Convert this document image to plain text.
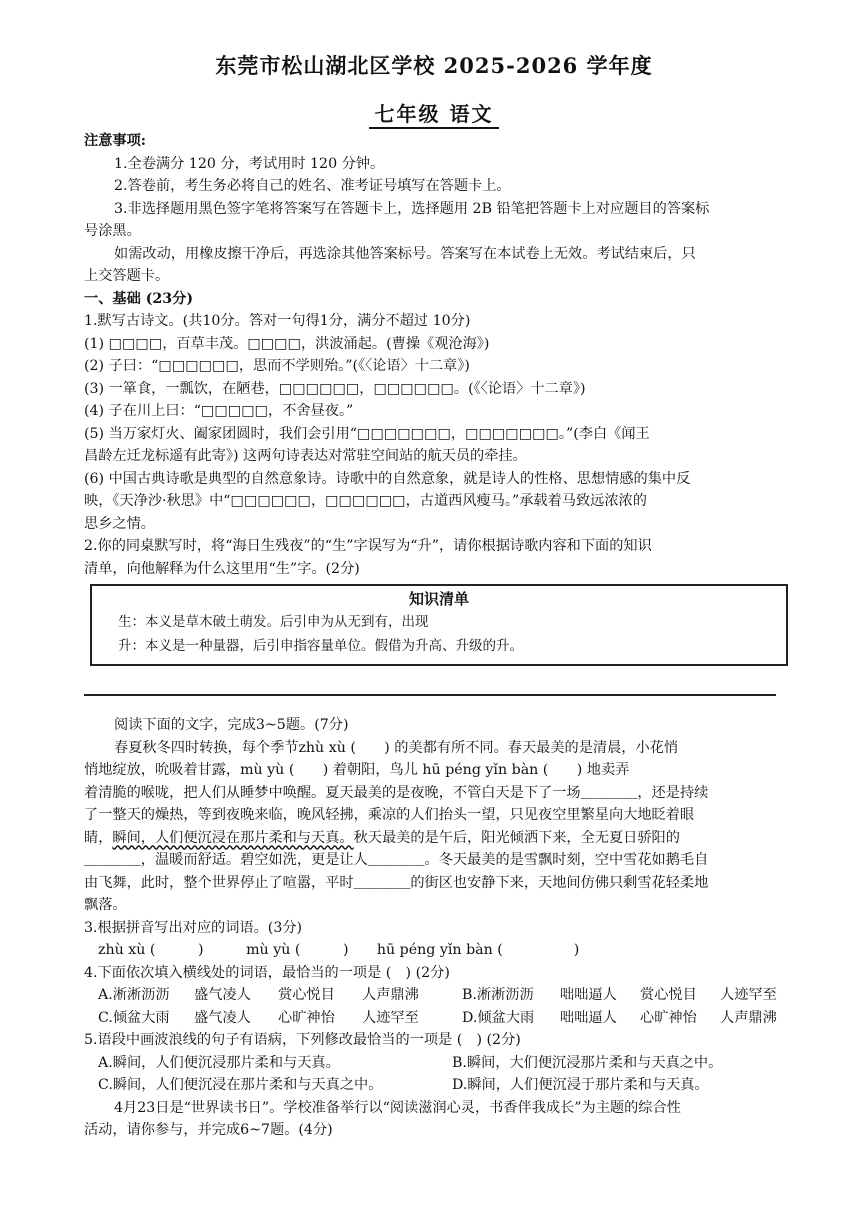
东莞市松山湖北区学校 2025-2026 学年度
七年级 语文

注意事项:

1.全卷满分 120 分，考试用时 120 分钟。

2.答卷前，考生务必将自己的姓名、准考证号填写在答题卡上。

3.非选择题用黑色签字笔将答案写在答题卡上，选择题用 2B 铅笔把答题卡上对应题目的答案标

号涂黑。

如需改动，用橡皮擦干净后，再选涂其他答案标号。答案写在本试卷上无效。考试结束后，只

上交答题卡。

一、基础 (23分)

1.默写古诗文。(共10分。答对一句得1分，满分不超过 10分)

(1) □□□□，百草丰茂。□□□□，洪波涌起。(曹操《观沧海》)

(2) 子曰：“□□□□□□，思而不学则殆。”(《〈论语〉十二章》)

(3) 一箪食，一瓢饮，在陋巷，□□□□□□，□□□□□□。(《〈论语〉十二章》)

(4) 子在川上曰：“□□□□□，不舍昼夜。”

(5) 当万家灯火、阖家团圆时，我们会引用“□□□□□□□，□□□□□□□。”(李白《闻王

昌龄左迁龙标遥有此寄》) 这两句诗表达对常驻空间站的航天员的牵挂。

(6) 中国古典诗歌是典型的自然意象诗。诗歌中的自然意象，就是诗人的性格、思想情感的集中反

映，《天净沙·秋思》中“□□□□□□，□□□□□□，古道西风瘦马。”承载着马致远浓浓的

思乡之情。

2.你的同桌默写时，将“海日生残夜”的“生”字误写为“升”，请你根据诗歌内容和下面的知识

清单，向他解释为什么这里用“生”字。(2分)

知识清单
生：本义是草木破土萌发。后引申为从无到有，出现
升：本义是一种量器，后引申指容量单位。假借为升高、升级的升。

阅读下面的文字，完成3~5题。(7分)

春夏秋冬四时转换，每个季节zhù xù (　　) 的美都有所不同。春天最美的是清晨，小花悄

悄地绽放，吮吸着甘露，mù yù (　　) 着朝阳，鸟儿 hū péng yǐn bàn (　　) 地卖弄

着清脆的喉咙，把人们从睡梦中唤醒。夏天最美的是夜晚，不管白天是下了一场＿＿＿＿，还是持续

了一整天的燥热，等到夜晚来临，晚风轻拂，乘凉的人们抬头一望，只见夜空里繁星向大地眨着眼

睛，瞬间，人们便沉浸在那片柔和与天真。秋天最美的是午后，阳光倾洒下来，全无夏日骄阳的

＿＿＿＿，温暖而舒适。碧空如洗，更是让人＿＿＿＿。冬天最美的是雪飘时刻，空中雪花如鹅毛自

由飞舞，此时，整个世界停止了喧嚣，平时＿＿＿＿的街区也安静下来，天地间仿佛只剩雪花轻柔地

飘落。

3.根据拼音写出对应的词语。(3分)

zhù xù (　　　)　　　mù yù (　　　)　　hū péng yǐn bàn (　　　　　)

4.下面依次填入横线处的词语，最恰当的一项是 (　) (2分)

A.淅淅沥沥	盛气凌人	赏心悦目	人声鼎沸	B.淅淅沥沥	咄咄逼人	赏心悦目	人迹罕至
C.倾盆大雨	盛气凌人	心旷神怡	人迹罕至	D.倾盆大雨	咄咄逼人	心旷神怡	人声鼎沸

5.语段中画波浪线的句子有语病，下列修改最恰当的一项是 (　) (2分)

A.瞬间，人们便沉浸那片柔和与天真。	B.瞬间，大们便沉浸那片柔和与天真之中。
C.瞬间，人们便沉浸在那片柔和与天真之中。	D.瞬间，人们便沉浸于那片柔和与天真。

4月23日是“世界读书日”。学校准备举行以“阅读滋润心灵，书香伴我成长”为主题的综合性

活动，请你参与，并完成6~7题。(4分)
